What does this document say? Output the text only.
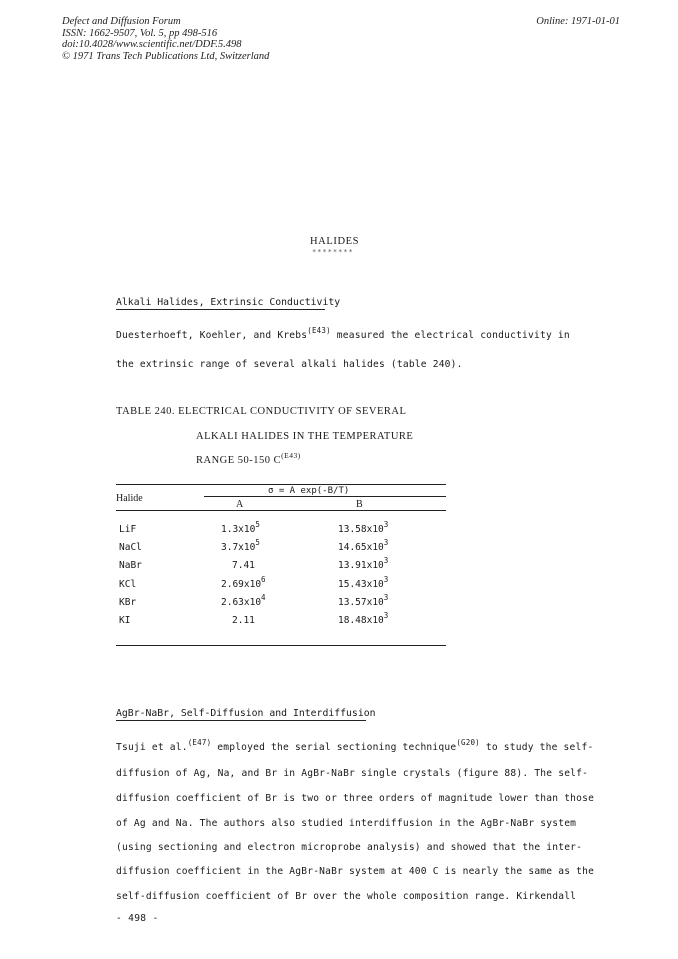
Defect and Diffusion Forum
ISSN: 1662-9507, Vol. 5, pp 498-516
doi:10.4028/www.scientific.net/DDF.5.498
© 1971 Trans Tech Publications Ltd, Switzerland
Online: 1971-01-01
HALIDES
********
Alkali Halides, Extrinsic Conductivity
Duesterhoeft, Koehler, and Krebs$^{(E43)}$ measured the electrical conductivity in
the extrinsic range of several alkali halides (table 240).
TABLE 240. ELECTRICAL CONDUCTIVITY OF SEVERAL
ALKALI HALIDES IN THE TEMPERATURE
RANGE 50-150 $C^{(E43)}$
Halide
σ = A exp(-B/T)
A	B
LiF	$1.3x10^5$	$13.58x10^3$
NaCl	$3.7x10^5$	$14.65x10^3$
NaBr	7.41	$13.91x10^3$
KCl	$2.69x10^6$	$15.43x10^3$
KBr	$2.63x10^4$	$13.57x10^3$
KI	2.11	$18.48x10^3$
AgBr-NaBr, Self-Diffusion and Interdiffusion
Tsuji et al.$^{(E47)}$ employed the serial sectioning technique$^{(G20)}$ to study the self-
diffusion of Ag, Na, and Br in AgBr-NaBr single crystals (figure 88). The self-
diffusion coefficient of Br is two or three orders of magnitude lower than those
of Ag and Na. The authors also studied interdiffusion in the AgBr-NaBr system
(using sectioning and electron microprobe analysis) and showed that the inter-
diffusion coefficient in the AgBr-NaBr system at 400 C is nearly the same as the
self-diffusion coefficient of Br over the whole composition range. Kirkendall
- 498 -
